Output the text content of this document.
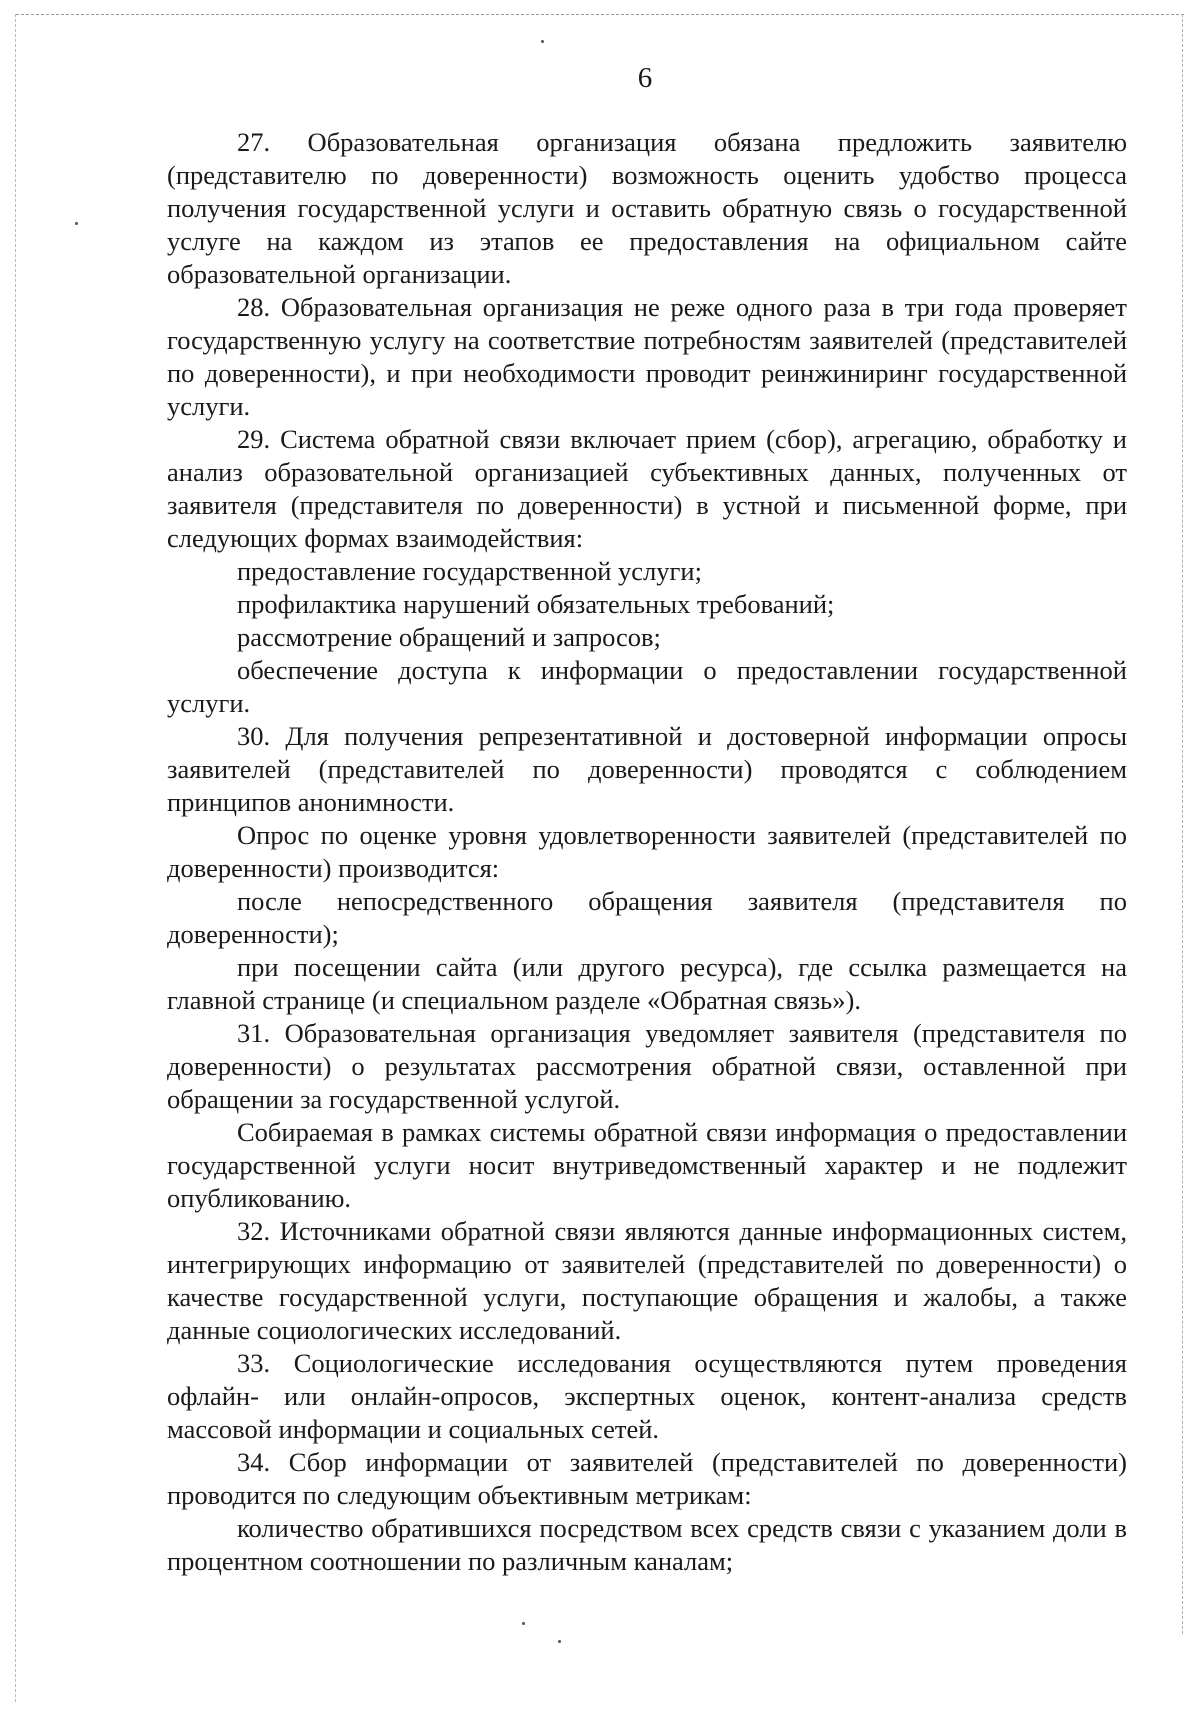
6

27. Образовательная организация обязана предложить заявителю (представителю по доверенности) возможность оценить удобство процесса получения государственной услуги и оставить обратную связь о государственной услуге на каждом из этапов ее предоставления на официальном сайте образовательной организации.

28. Образовательная организация не реже одного раза в три года проверяет государственную услугу на соответствие потребностям заявителей (представителей по доверенности), и при необходимости проводит реинжиниринг государственной услуги.

29. Система обратной связи включает прием (сбор), агрегацию, обработку и анализ образовательной организацией субъективных данных, полученных от заявителя (представителя по доверенности) в устной и письменной форме, при следующих формах взаимодействия:

предоставление государственной услуги;

профилактика нарушений обязательных требований;

рассмотрение обращений и запросов;

обеспечение доступа к информации о предоставлении государственной услуги.

30. Для получения репрезентативной и достоверной информации опросы заявителей (представителей по доверенности) проводятся с соблюдением принципов анонимности.

Опрос по оценке уровня удовлетворенности заявителей (представителей по доверенности) производится:

после непосредственного обращения заявителя (представителя по доверенности);

при посещении сайта (или другого ресурса), где ссылка размещается на главной странице (и специальном разделе «Обратная связь»).

31. Образовательная организация уведомляет заявителя (представителя по доверенности) о результатах рассмотрения обратной связи, оставленной при обращении за государственной услугой.

Собираемая в рамках системы обратной связи информация о предоставлении государственной услуги носит внутриведомственный характер и не подлежит опубликованию.

32. Источниками обратной связи являются данные информационных систем, интегрирующих информацию от заявителей (представителей по доверенности) о качестве государственной услуги, поступающие обращения и жалобы, а также данные социологических исследований.

33. Социологические исследования осуществляются путем проведения офлайн- или онлайн-опросов, экспертных оценок, контент-анализа средств массовой информации и социальных сетей.

34. Сбор информации от заявителей (представителей по доверенности) проводится по следующим объективным метрикам:

количество обратившихся посредством всех средств связи с указанием доли в процентном соотношении по различным каналам;
